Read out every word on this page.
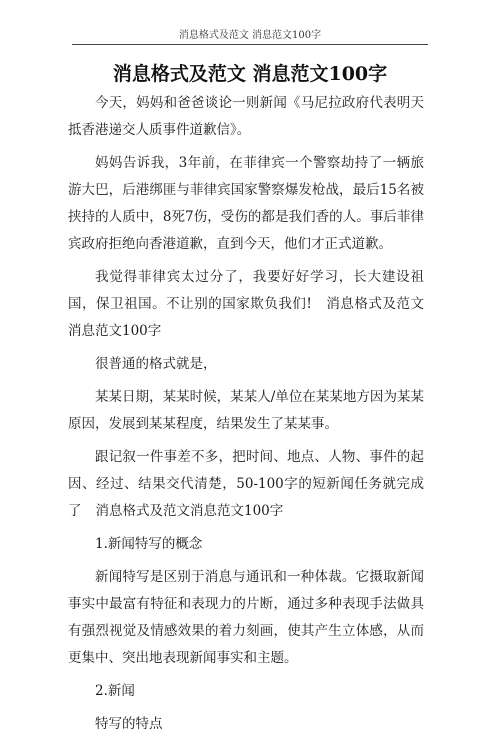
消息格式及范文 消息范文100字
消息格式及范文 消息范文100字

今天，妈妈和爸爸谈论一则新闻《马尼拉政府代表明天抵香港递交人质事件道歉信》。

妈妈告诉我，3年前，在菲律宾一个警察劫持了一辆旅游大巴，后港绑匪与菲律宾国家警察爆发枪战，最后15名被挟持的人质中，8死7伤，受伤的都是我们香的人。事后菲律宾政府拒绝向香港道歉，直到今天，他们才正式道歉。

我觉得菲律宾太过分了，我要好好学习，长大建设祖国，保卫祖国。不让别的国家欺负我们! 消息格式及范文消息范文100字

很普通的格式就是，

某某日期，某某时候，某某人/单位在某某地方因为某某原因，发展到某某程度，结果发生了某某事。

跟记叙一件事差不多，把时间、地点、人物、事件的起因、经过、结果交代清楚，50-100字的短新闻任务就完成了 消息格式及范文消息范文100字

1.新闻特写的概念

新闻特写是区别于消息与通讯和一种体裁。它摄取新闻事实中最富有特征和表现力的片断，通过多种表现手法做具有强烈视觉及情感效果的着力刻画，使其产生立体感，从而更集中、突出地表现新闻事实和主题。

2.新闻

特写的特点
